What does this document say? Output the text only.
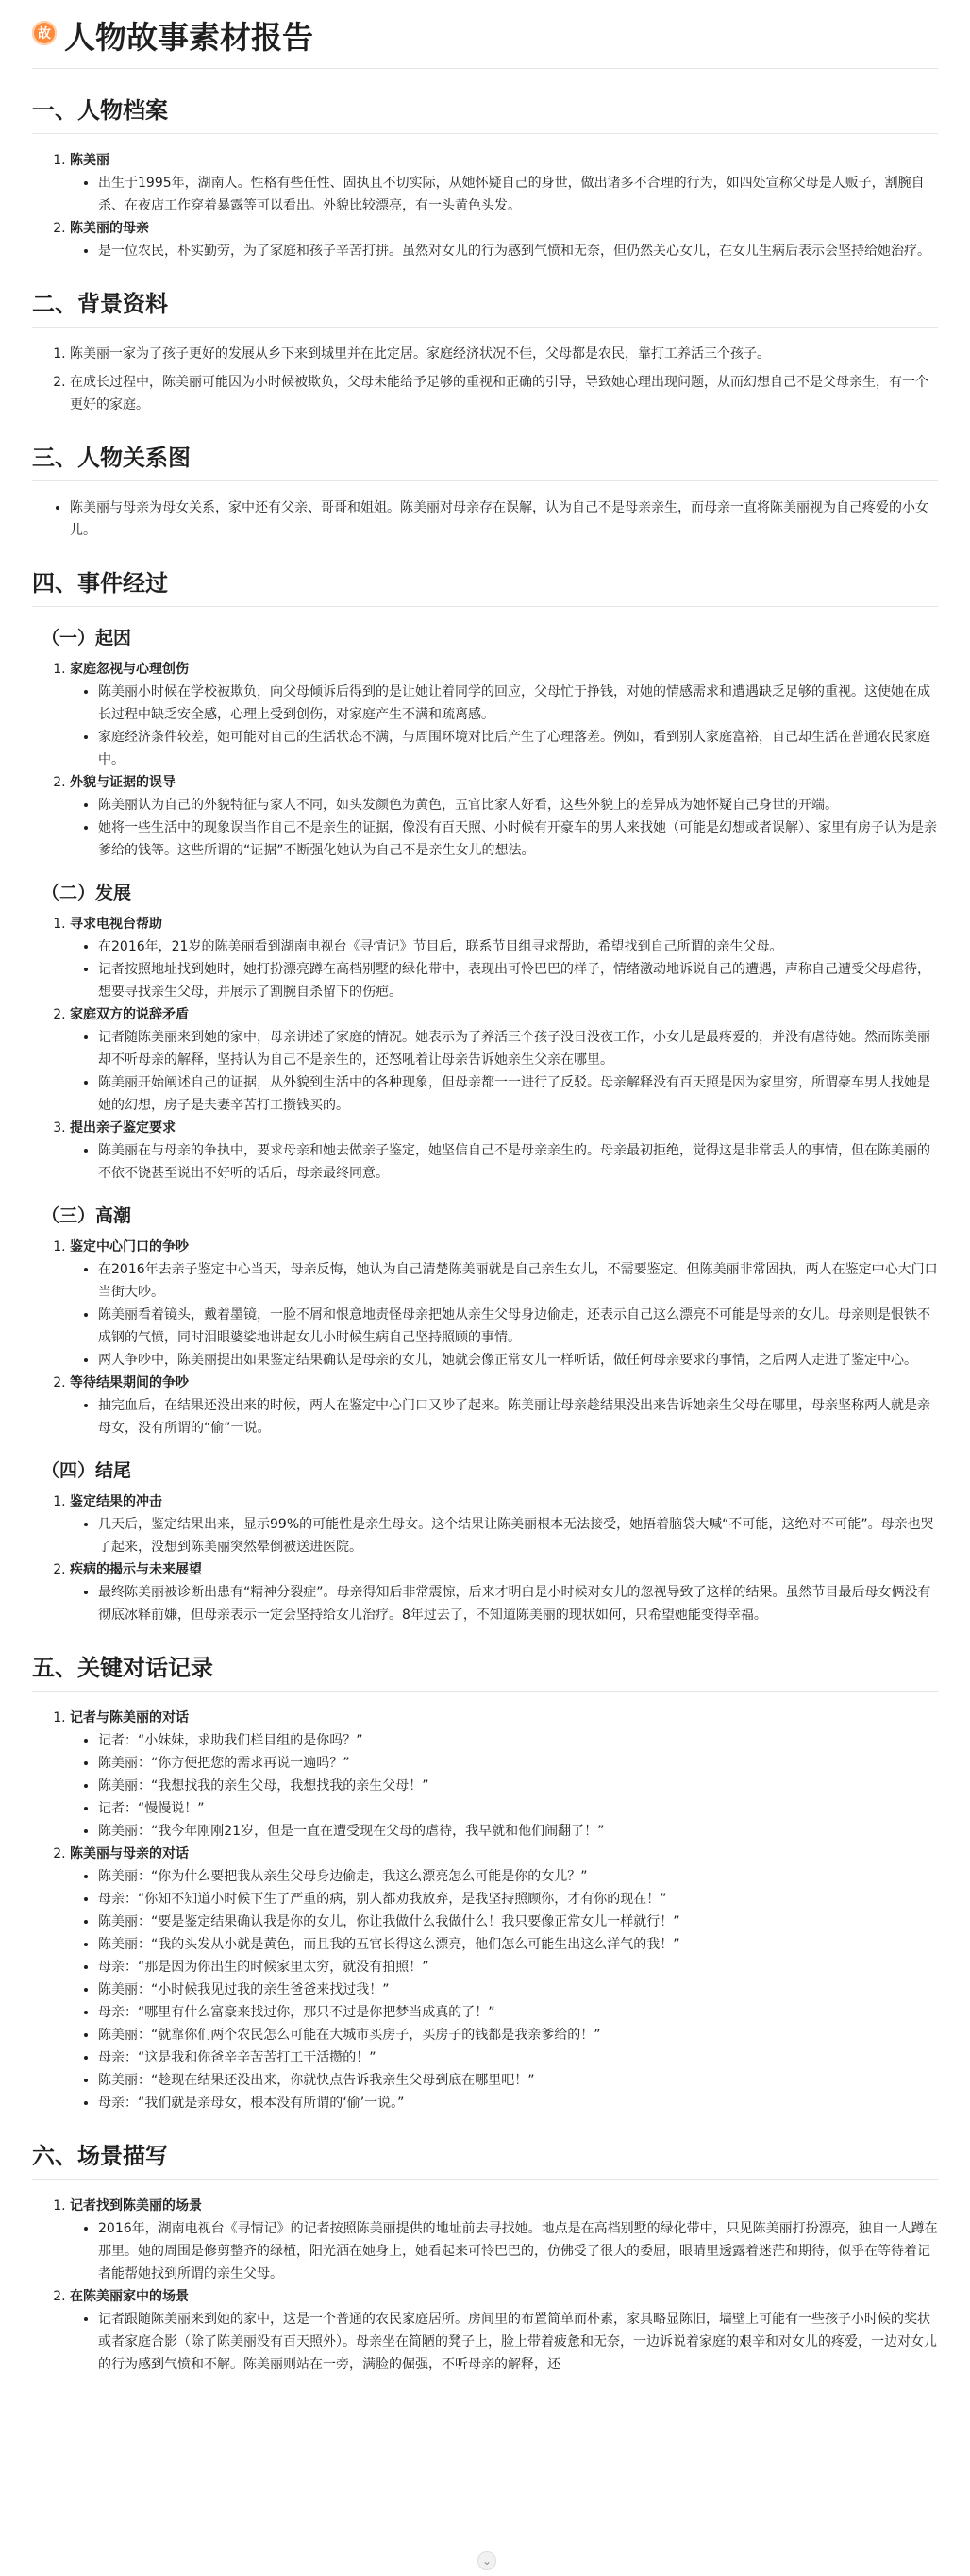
故 人物故事素材报告
一、人物档案
1. 陈美丽
• 出生于1995年，湖南人。性格有些任性、固执且不切实际，从她怀疑自己的身世，做出诸多不合理的行为，如四处宣称父母是人贩子，割腕自杀、在夜店工作穿着暴露等可以看出。外貌比较漂亮，有一头黄色头发。
2. 陈美丽的母亲
• 是一位农民，朴实勤劳，为了家庭和孩子辛苦打拼。虽然对女儿的行为感到气愤和无奈，但仍然关心女儿，在女儿生病后表示会坚持给她治疗。
二、背景资料
1. 陈美丽一家为了孩子更好的发展从乡下来到城里并在此定居。家庭经济状况不佳，父母都是农民，靠打工养活三个孩子。
2. 在成长过程中，陈美丽可能因为小时候被欺负，父母未能给予足够的重视和正确的引导，导致她心理出现问题，从而幻想自己不是父母亲生，有一个更好的家庭。
三、人物关系图
• 陈美丽与母亲为母女关系，家中还有父亲、哥哥和姐姐。陈美丽对母亲存在误解，认为自己不是母亲亲生，而母亲一直将陈美丽视为自己疼爱的小女儿。
四、事件经过
（一）起因
1. 家庭忽视与心理创伤
• 陈美丽小时候在学校被欺负，向父母倾诉后得到的是让她让着同学的回应，父母忙于挣钱，对她的情感需求和遭遇缺乏足够的重视。这使她在成长过程中缺乏安全感，心理上受到创伤，对家庭产生不满和疏离感。
• 家庭经济条件较差，她可能对自己的生活状态不满，与周围环境对比后产生了心理落差。例如，看到别人家庭富裕，自己却生活在普通农民家庭中。
2. 外貌与证据的误导
• 陈美丽认为自己的外貌特征与家人不同，如头发颜色为黄色，五官比家人好看，这些外貌上的差异成为她怀疑自己身世的开端。
• 她将一些生活中的现象误当作自己不是亲生的证据，像没有百天照、小时候有开豪车的男人来找她（可能是幻想或者误解）、家里有房子认为是亲爹给的钱等。这些所谓的“证据”不断强化她认为自己不是亲生女儿的想法。
（二）发展
1. 寻求电视台帮助
• 在2016年，21岁的陈美丽看到湖南电视台《寻情记》节目后，联系节目组寻求帮助，希望找到自己所谓的亲生父母。
• 记者按照地址找到她时，她打扮漂亮蹲在高档别墅的绿化带中，表现出可怜巴巴的样子，情绪激动地诉说自己的遭遇，声称自己遭受父母虐待，想要寻找亲生父母，并展示了割腕自杀留下的伤疤。
2. 家庭双方的说辞矛盾
• 记者随陈美丽来到她的家中，母亲讲述了家庭的情况。她表示为了养活三个孩子没日没夜工作，小女儿是最疼爱的，并没有虐待她。然而陈美丽却不听母亲的解释，坚持认为自己不是亲生的，还怒吼着让母亲告诉她亲生父亲在哪里。
• 陈美丽开始阐述自己的证据，从外貌到生活中的各种现象，但母亲都一一进行了反驳。母亲解释没有百天照是因为家里穷，所谓豪车男人找她是她的幻想，房子是夫妻辛苦打工攒钱买的。
3. 提出亲子鉴定要求
• 陈美丽在与母亲的争执中，要求母亲和她去做亲子鉴定，她坚信自己不是母亲亲生的。母亲最初拒绝，觉得这是非常丢人的事情，但在陈美丽的不依不饶甚至说出不好听的话后，母亲最终同意。
（三）高潮
1. 鉴定中心门口的争吵
• 在2016年去亲子鉴定中心当天，母亲反悔，她认为自己清楚陈美丽就是自己亲生女儿，不需要鉴定。但陈美丽非常固执，两人在鉴定中心大门口当街大吵。
• 陈美丽看着镜头，戴着墨镜，一脸不屑和恨意地责怪母亲把她从亲生父母身边偷走，还表示自己这么漂亮不可能是母亲的女儿。母亲则是恨铁不成钢的气愤，同时泪眼婆娑地讲起女儿小时候生病自己坚持照顾的事情。
• 两人争吵中，陈美丽提出如果鉴定结果确认是母亲的女儿，她就会像正常女儿一样听话，做任何母亲要求的事情，之后两人走进了鉴定中心。
2. 等待结果期间的争吵
• 抽完血后，在结果还没出来的时候，两人在鉴定中心门口又吵了起来。陈美丽让母亲趁结果没出来告诉她亲生父母在哪里，母亲坚称两人就是亲母女，没有所谓的“偷”一说。
（四）结尾
1. 鉴定结果的冲击
• 几天后，鉴定结果出来，显示99%的可能性是亲生母女。这个结果让陈美丽根本无法接受，她捂着脑袋大喊“不可能，这绝对不可能”。母亲也哭了起来，没想到陈美丽突然晕倒被送进医院。
2. 疾病的揭示与未来展望
• 最终陈美丽被诊断出患有“精神分裂症”。母亲得知后非常震惊，后来才明白是小时候对女儿的忽视导致了这样的结果。虽然节目最后母女俩没有彻底冰释前嫌，但母亲表示一定会坚持给女儿治疗。8年过去了，不知道陈美丽的现状如何，只希望她能变得幸福。
五、关键对话记录
1. 记者与陈美丽的对话
• 记者：“小妹妹，求助我们栏目组的是你吗？”
• 陈美丽：“你方便把您的需求再说一遍吗？”
• 陈美丽：“我想找我的亲生父母，我想找我的亲生父母！”
• 记者：“慢慢说！”
• 陈美丽：“我今年刚刚21岁，但是一直在遭受现在父母的虐待，我早就和他们闹翻了！”
2. 陈美丽与母亲的对话
• 陈美丽：“你为什么要把我从亲生父母身边偷走，我这么漂亮怎么可能是你的女儿？”
• 母亲：“你知不知道小时候下生了严重的病，别人都劝我放弃，是我坚持照顾你，才有你的现在！”
• 陈美丽：“要是鉴定结果确认我是你的女儿，你让我做什么我做什么！我只要像正常女儿一样就行！”
• 陈美丽：“我的头发从小就是黄色，而且我的五官长得这么漂亮，他们怎么可能生出这么洋气的我！”
• 母亲：“那是因为你出生的时候家里太穷，就没有拍照！”
• 陈美丽：“小时候我见过我的亲生爸爸来找过我！”
• 母亲：“哪里有什么富豪来找过你，那只不过是你把梦当成真的了！”
• 陈美丽：“就靠你们两个农民怎么可能在大城市买房子，买房子的钱都是我亲爹给的！”
• 母亲：“这是我和你爸辛辛苦苦打工干活攒的！”
• 陈美丽：“趁现在结果还没出来，你就快点告诉我亲生父母到底在哪里吧！”
• 母亲：“我们就是亲母女，根本没有所谓的‘偷’一说。”
六、场景描写
1. 记者找到陈美丽的场景
• 2016年，湖南电视台《寻情记》的记者按照陈美丽提供的地址前去寻找她。地点是在高档别墅的绿化带中，只见陈美丽打扮漂亮，独自一人蹲在那里。她的周围是修剪整齐的绿植，阳光洒在她身上，她看起来可怜巴巴的，仿佛受了很大的委屈，眼睛里透露着迷茫和期待，似乎在等待着记者能帮她找到所谓的亲生父母。
2. 在陈美丽家中的场景
• 记者跟随陈美丽来到她的家中，这是一个普通的农民家庭居所。房间里的布置简单而朴素，家具略显陈旧，墙壁上可能有一些孩子小时候的奖状或者家庭合影（除了陈美丽没有百天照外）。母亲坐在简陋的凳子上，脸上带着疲惫和无奈，一边诉说着家庭的艰辛和对女儿的疼爱，一边对女儿的行为感到气愤和不解。陈美丽则站在一旁，满脸的倔强，不听母亲的解释，还
⌄
